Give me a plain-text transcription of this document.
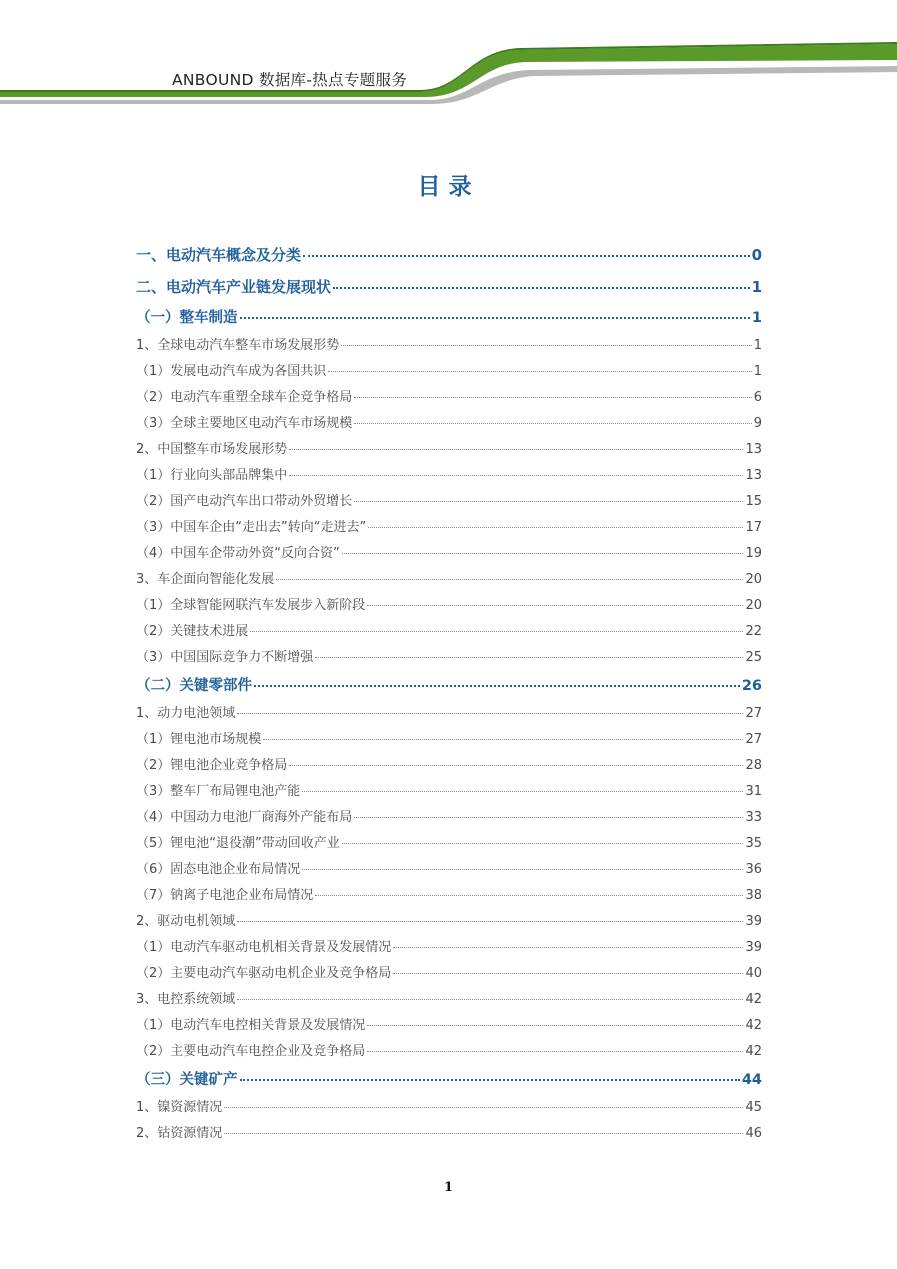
ANBOUND 数据库-热点专题服务
目录
一、电动汽车概念及分类	0
二、电动汽车产业链发展现状	1
（一）整车制造	1
1、全球电动汽车整车市场发展形势	1
（1）发展电动汽车成为各国共识	1
（2）电动汽车重塑全球车企竞争格局	6
（3）全球主要地区电动汽车市场规模	9
2、中国整车市场发展形势	13
（1）行业向头部品牌集中	13
（2）国产电动汽车出口带动外贸增长	15
（3）中国车企由“走出去”转向“走进去”	17
（4）中国车企带动外资“反向合资”	19
3、车企面向智能化发展	20
（1）全球智能网联汽车发展步入新阶段	20
（2）关键技术进展	22
（3）中国国际竞争力不断增强	25
（二）关键零部件	26
1、动力电池领域	27
（1）锂电池市场规模	27
（2）锂电池企业竞争格局	28
（3）整车厂布局锂电池产能	31
（4）中国动力电池厂商海外产能布局	33
（5）锂电池“退役潮”带动回收产业	35
（6）固态电池企业布局情况	36
（7）钠离子电池企业布局情况	38
2、驱动电机领域	39
（1）电动汽车驱动电机相关背景及发展情况	39
（2）主要电动汽车驱动电机企业及竞争格局	40
3、电控系统领域	42
（1）电动汽车电控相关背景及发展情况	42
（2）主要电动汽车电控企业及竞争格局	42
（三）关键矿产	44
1、镍资源情况	45
2、钴资源情况	46
1
